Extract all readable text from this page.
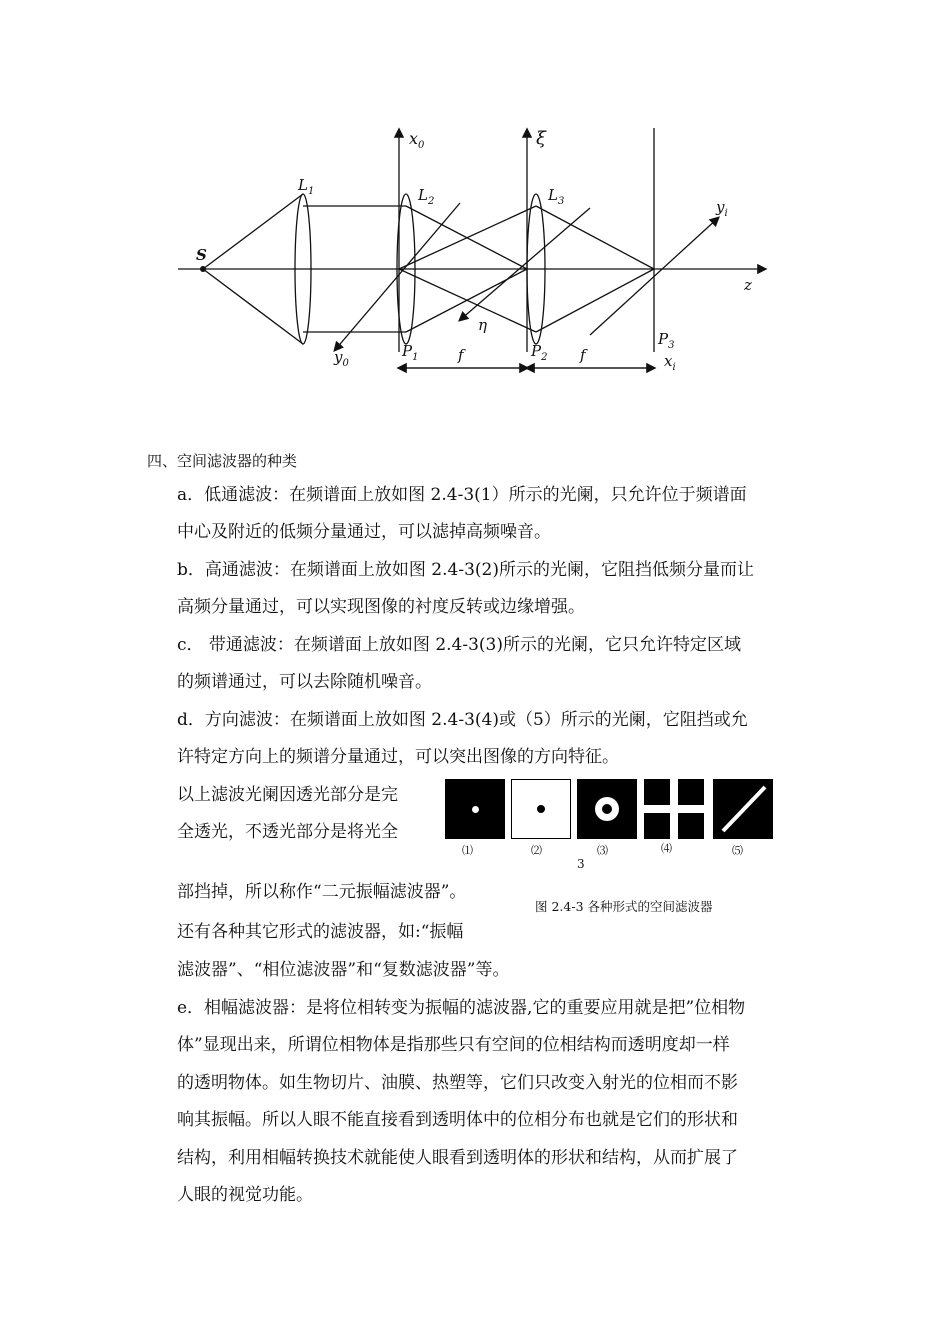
$x_0$	ξ
$L_1$	$L_2$	$L_3$
S
z
$y_i$
$y_0$
η
$P_1$	$P_2$
$P_3$
$x_i$
f	f
四、空间滤波器的种类
a．低通滤波：在频谱面上放如图 2.4-3(1）所示的光阑，只允许位于频谱面
中心及附近的低频分量通过，可以滤掉高频噪音。
b．高通滤波：在频谱面上放如图 2.4-3(2)所示的光阑，它阻挡低频分量而让
高频分量通过，可以实现图像的衬度反转或边缘增强。
c． 带通滤波：在频谱面上放如图 2.4-3(3)所示的光阑，它只允许特定区域
的频谱通过，可以去除随机噪音。
d．方向滤波：在频谱面上放如图 2.4-3(4)或（5）所示的光阑，它阻挡或允
许特定方向上的频谱分量通过，可以突出图像的方向特征。
以上滤波光阑因透光部分是完
全透光，不透光部分是将光全
部挡掉，所以称作“二元振幅滤波器”。
还有各种其它形式的滤波器，如:“振幅
滤波器”、“相位滤波器”和“复数滤波器”等。
⑴	⑵	⑶	⑷	⑸
3
图 2.4-3 各种形式的空间滤波器
e．相幅滤波器：是将位相转变为振幅的滤波器,它的重要应用就是把”位相物
体”显现出来，所谓位相物体是指那些只有空间的位相结构而透明度却一样
的透明物体。如生物切片、油膜、热塑等，它们只改变入射光的位相而不影
响其振幅。所以人眼不能直接看到透明体中的位相分布也就是它们的形状和
结构，利用相幅转换技术就能使人眼看到透明体的形状和结构，从而扩展了
人眼的视觉功能。
